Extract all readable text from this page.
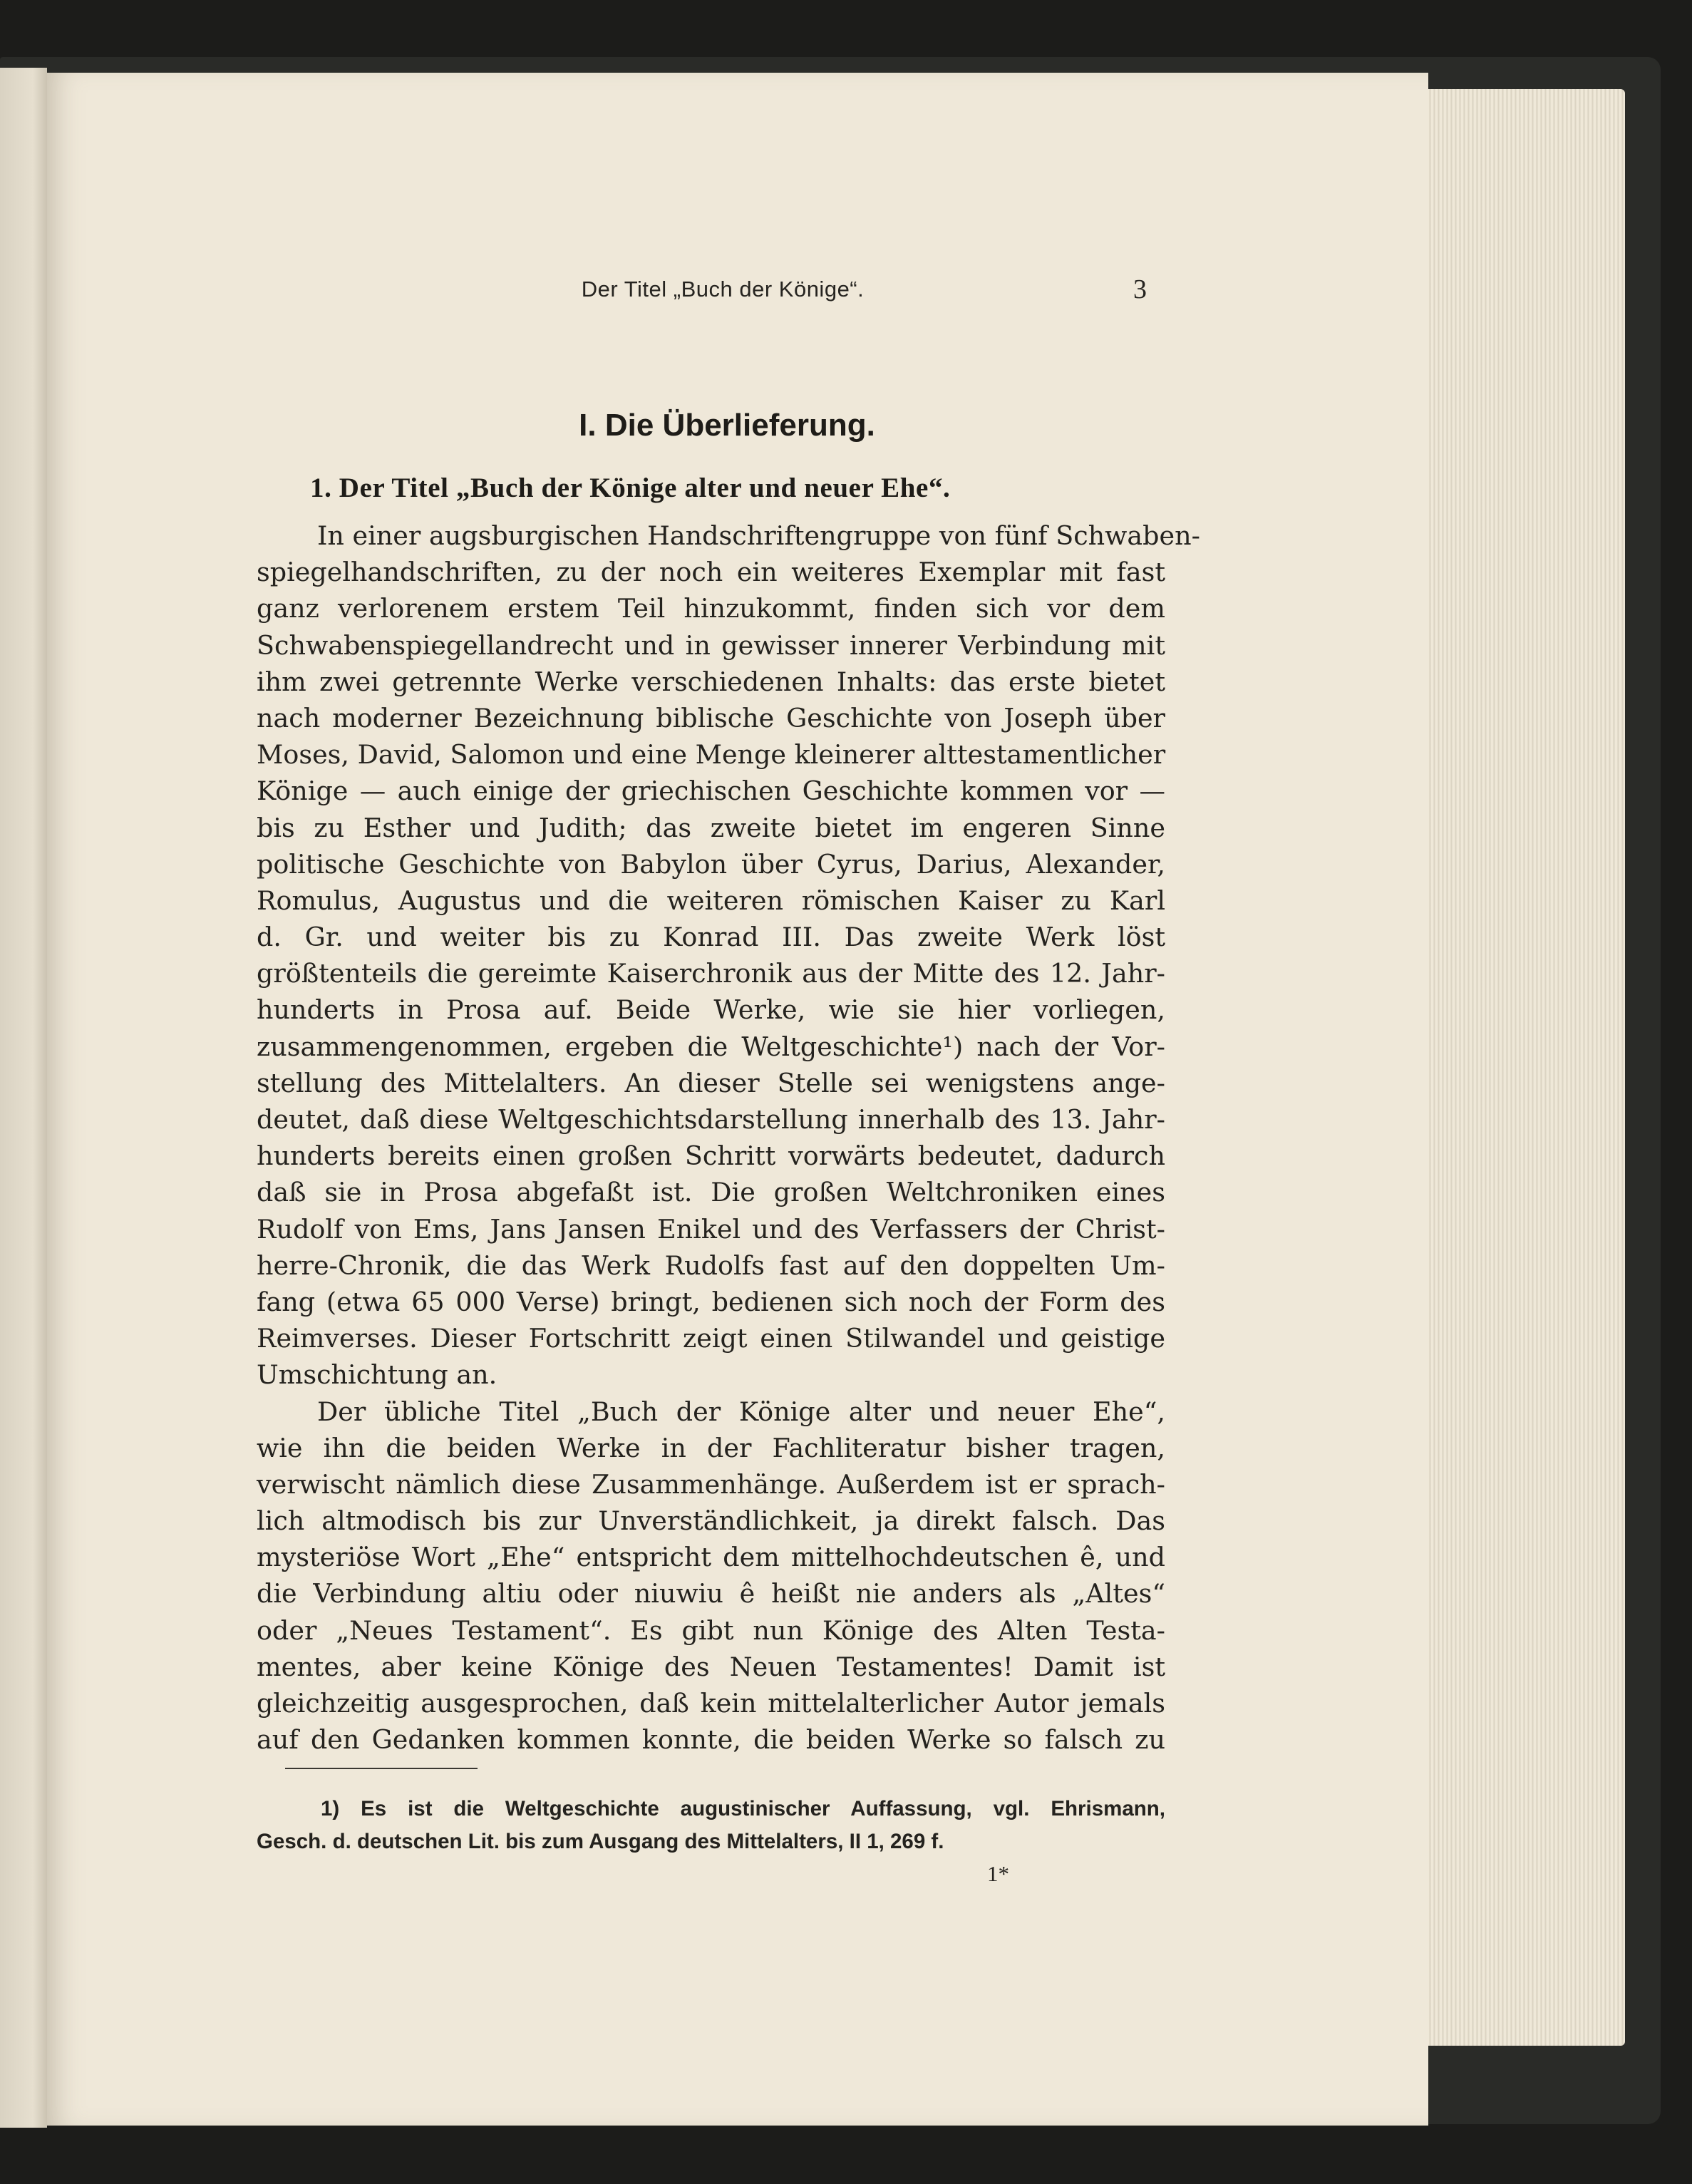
Der Titel „Buch der Könige“.	3
I. Die Überlieferung.
1. Der Titel „Buch der Könige alter und neuer Ehe“.
In einer augsburgischen Handschriftengruppe von fünf Schwaben-
spiegelhandschriften, zu der noch ein weiteres Exemplar mit fast
ganz verlorenem erstem Teil hinzukommt, finden sich vor dem
Schwabenspiegellandrecht und in gewisser innerer Verbindung mit
ihm zwei getrennte Werke verschiedenen Inhalts: das erste bietet
nach moderner Bezeichnung biblische Geschichte von Joseph über
Moses, David, Salomon und eine Menge kleinerer alttestamentlicher
Könige — auch einige der griechischen Geschichte kommen vor —
bis zu Esther und Judith; das zweite bietet im engeren Sinne
politische Geschichte von Babylon über Cyrus, Darius, Alexander,
Romulus, Augustus und die weiteren römischen Kaiser zu Karl
d. Gr. und weiter bis zu Konrad III. Das zweite Werk löst
größtenteils die gereimte Kaiserchronik aus der Mitte des 12. Jahr-
hunderts in Prosa auf. Beide Werke, wie sie hier vorliegen,
zusammengenommen, ergeben die Weltgeschichte¹) nach der Vor-
stellung des Mittelalters. An dieser Stelle sei wenigstens ange-
deutet, daß diese Weltgeschichtsdarstellung innerhalb des 13. Jahr-
hunderts bereits einen großen Schritt vorwärts bedeutet, dadurch
daß sie in Prosa abgefaßt ist. Die großen Weltchroniken eines
Rudolf von Ems, Jans Jansen Enikel und des Verfassers der Christ-
herre-Chronik, die das Werk Rudolfs fast auf den doppelten Um-
fang (etwa 65 000 Verse) bringt, bedienen sich noch der Form des
Reimverses. Dieser Fortschritt zeigt einen Stilwandel und geistige
Umschichtung an.
Der übliche Titel „Buch der Könige alter und neuer Ehe“,
wie ihn die beiden Werke in der Fachliteratur bisher tragen,
verwischt nämlich diese Zusammenhänge. Außerdem ist er sprach-
lich altmodisch bis zur Unverständlichkeit, ja direkt falsch. Das
mysteriöse Wort „Ehe“ entspricht dem mittelhochdeutschen ê, und
die Verbindung altiu oder niuwiu ê heißt nie anders als „Altes“
oder „Neues Testament“. Es gibt nun Könige des Alten Testa-
mentes, aber keine Könige des Neuen Testamentes! Damit ist
gleichzeitig ausgesprochen, daß kein mittelalterlicher Autor jemals
auf den Gedanken kommen konnte, die beiden Werke so falsch zu
1) Es ist die Weltgeschichte augustinischer Auffassung, vgl. Ehrismann,
Gesch. d. deutschen Lit. bis zum Ausgang des Mittelalters, II 1, 269 f.
1*
